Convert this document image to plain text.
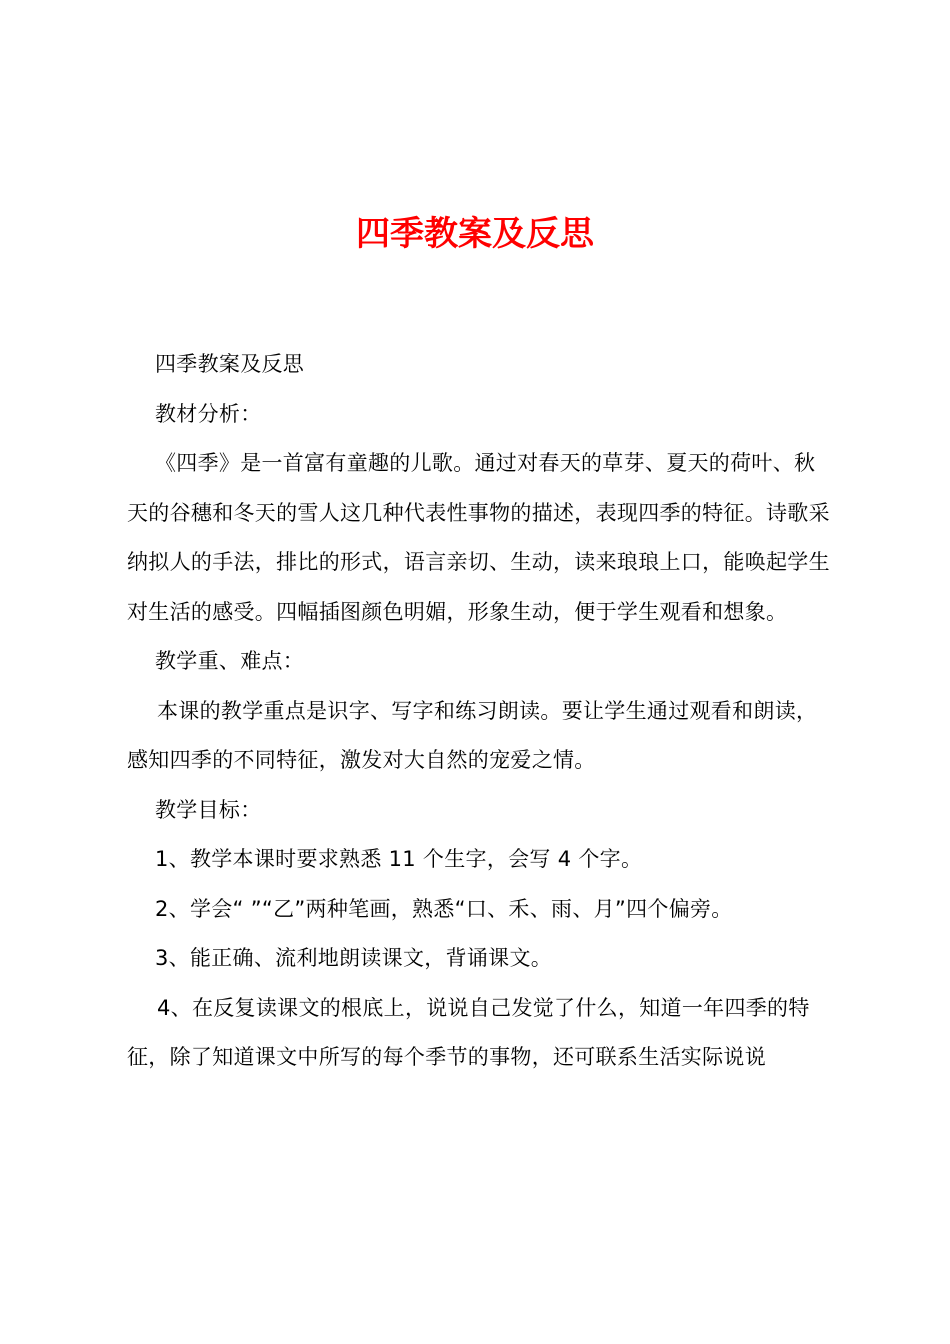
四季教案及反思

四季教案及反思

教材分析：

《四季》是一首富有童趣的儿歌。通过对春天的草芽、夏天的荷叶、秋天的谷穗和冬天的雪人这几种代表性事物的描述，表现四季的特征。诗歌采纳拟人的手法，排比的形式，语言亲切、生动，读来琅琅上口，能唤起学生对生活的感受。四幅插图颜色明媚，形象生动，便于学生观看和想象。

教学重、难点：

本课的教学重点是识字、写字和练习朗读。要让学生通过观看和朗读，感知四季的不同特征，激发对大自然的宠爱之情。

教学目标：

1、教学本课时要求熟悉 11 个生字，会写 4 个字。

2、学会“ ”“乙”两种笔画，熟悉“口、禾、雨、月”四个偏旁。

3、能正确、流利地朗读课文，背诵课文。

4、在反复读课文的根底上，说说自己发觉了什么，知道一年四季的特征，除了知道课文中所写的每个季节的事物，还可联系生活实际说说
